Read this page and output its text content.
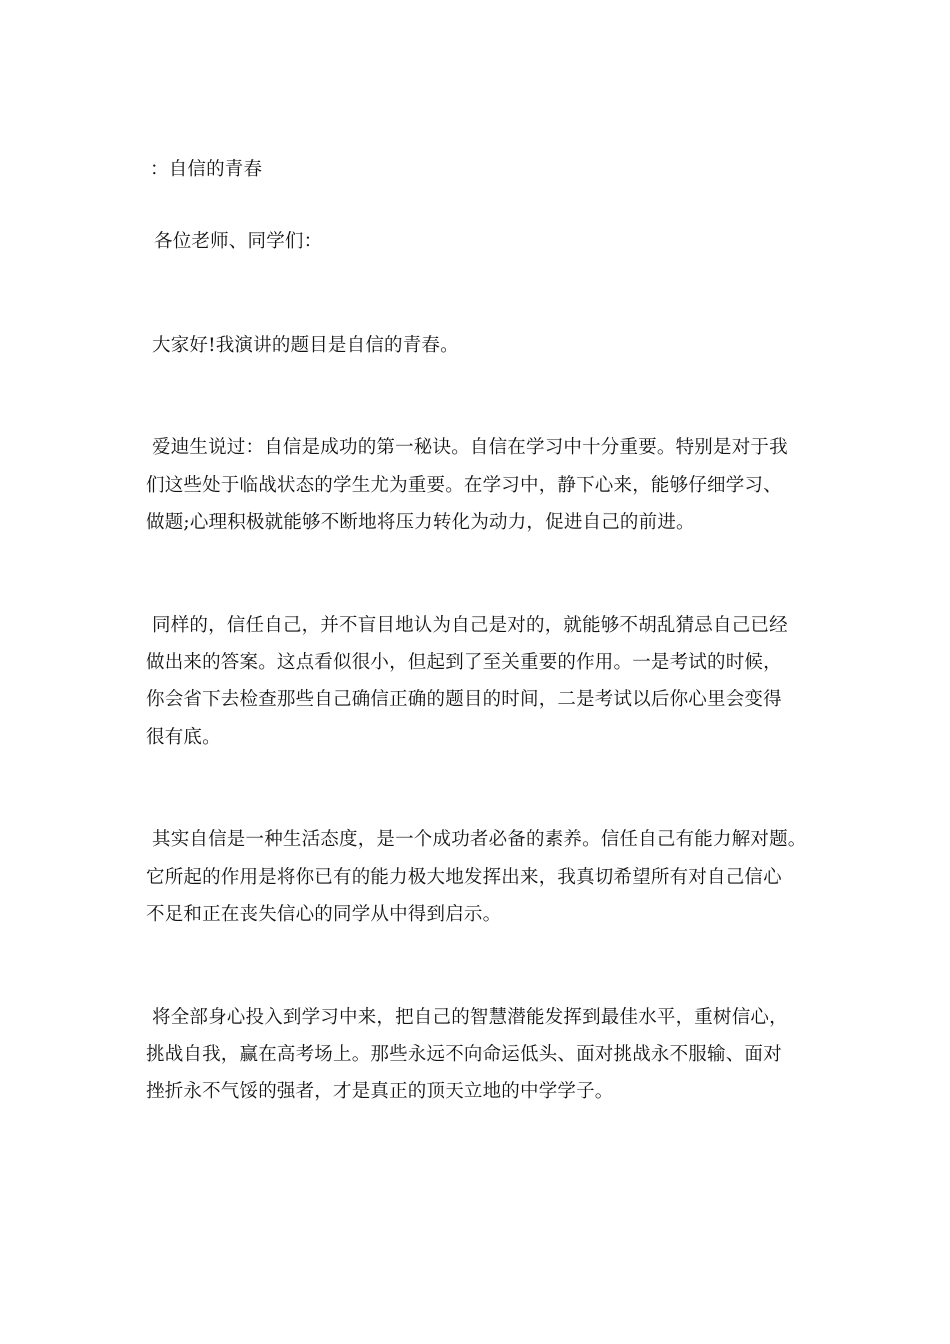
：自信的青春
各位老师、同学们：
大家好!我演讲的题目是自信的青春。
爱迪生说过：自信是成功的第一秘诀。自信在学习中十分重要。特别是对于我
们这些处于临战状态的学生尤为重要。在学习中，静下心来，能够仔细学习、
做题;心理积极就能够不断地将压力转化为动力，促进自己的前进。
同样的，信任自己，并不盲目地认为自己是对的，就能够不胡乱猜忌自己已经
做出来的答案。这点看似很小，但起到了至关重要的作用。一是考试的时候，
你会省下去检查那些自己确信正确的题目的时间，二是考试以后你心里会变得
很有底。
其实自信是一种生活态度，是一个成功者必备的素养。信任自己有能力解对题。
它所起的作用是将你已有的能力极大地发挥出来，我真切希望所有对自己信心
不足和正在丧失信心的同学从中得到启示。
将全部身心投入到学习中来，把自己的智慧潜能发挥到最佳水平，重树信心，
挑战自我，赢在高考场上。那些永远不向命运低头、面对挑战永不服输、面对
挫折永不气馁的强者，才是真正的顶天立地的中学学子。
